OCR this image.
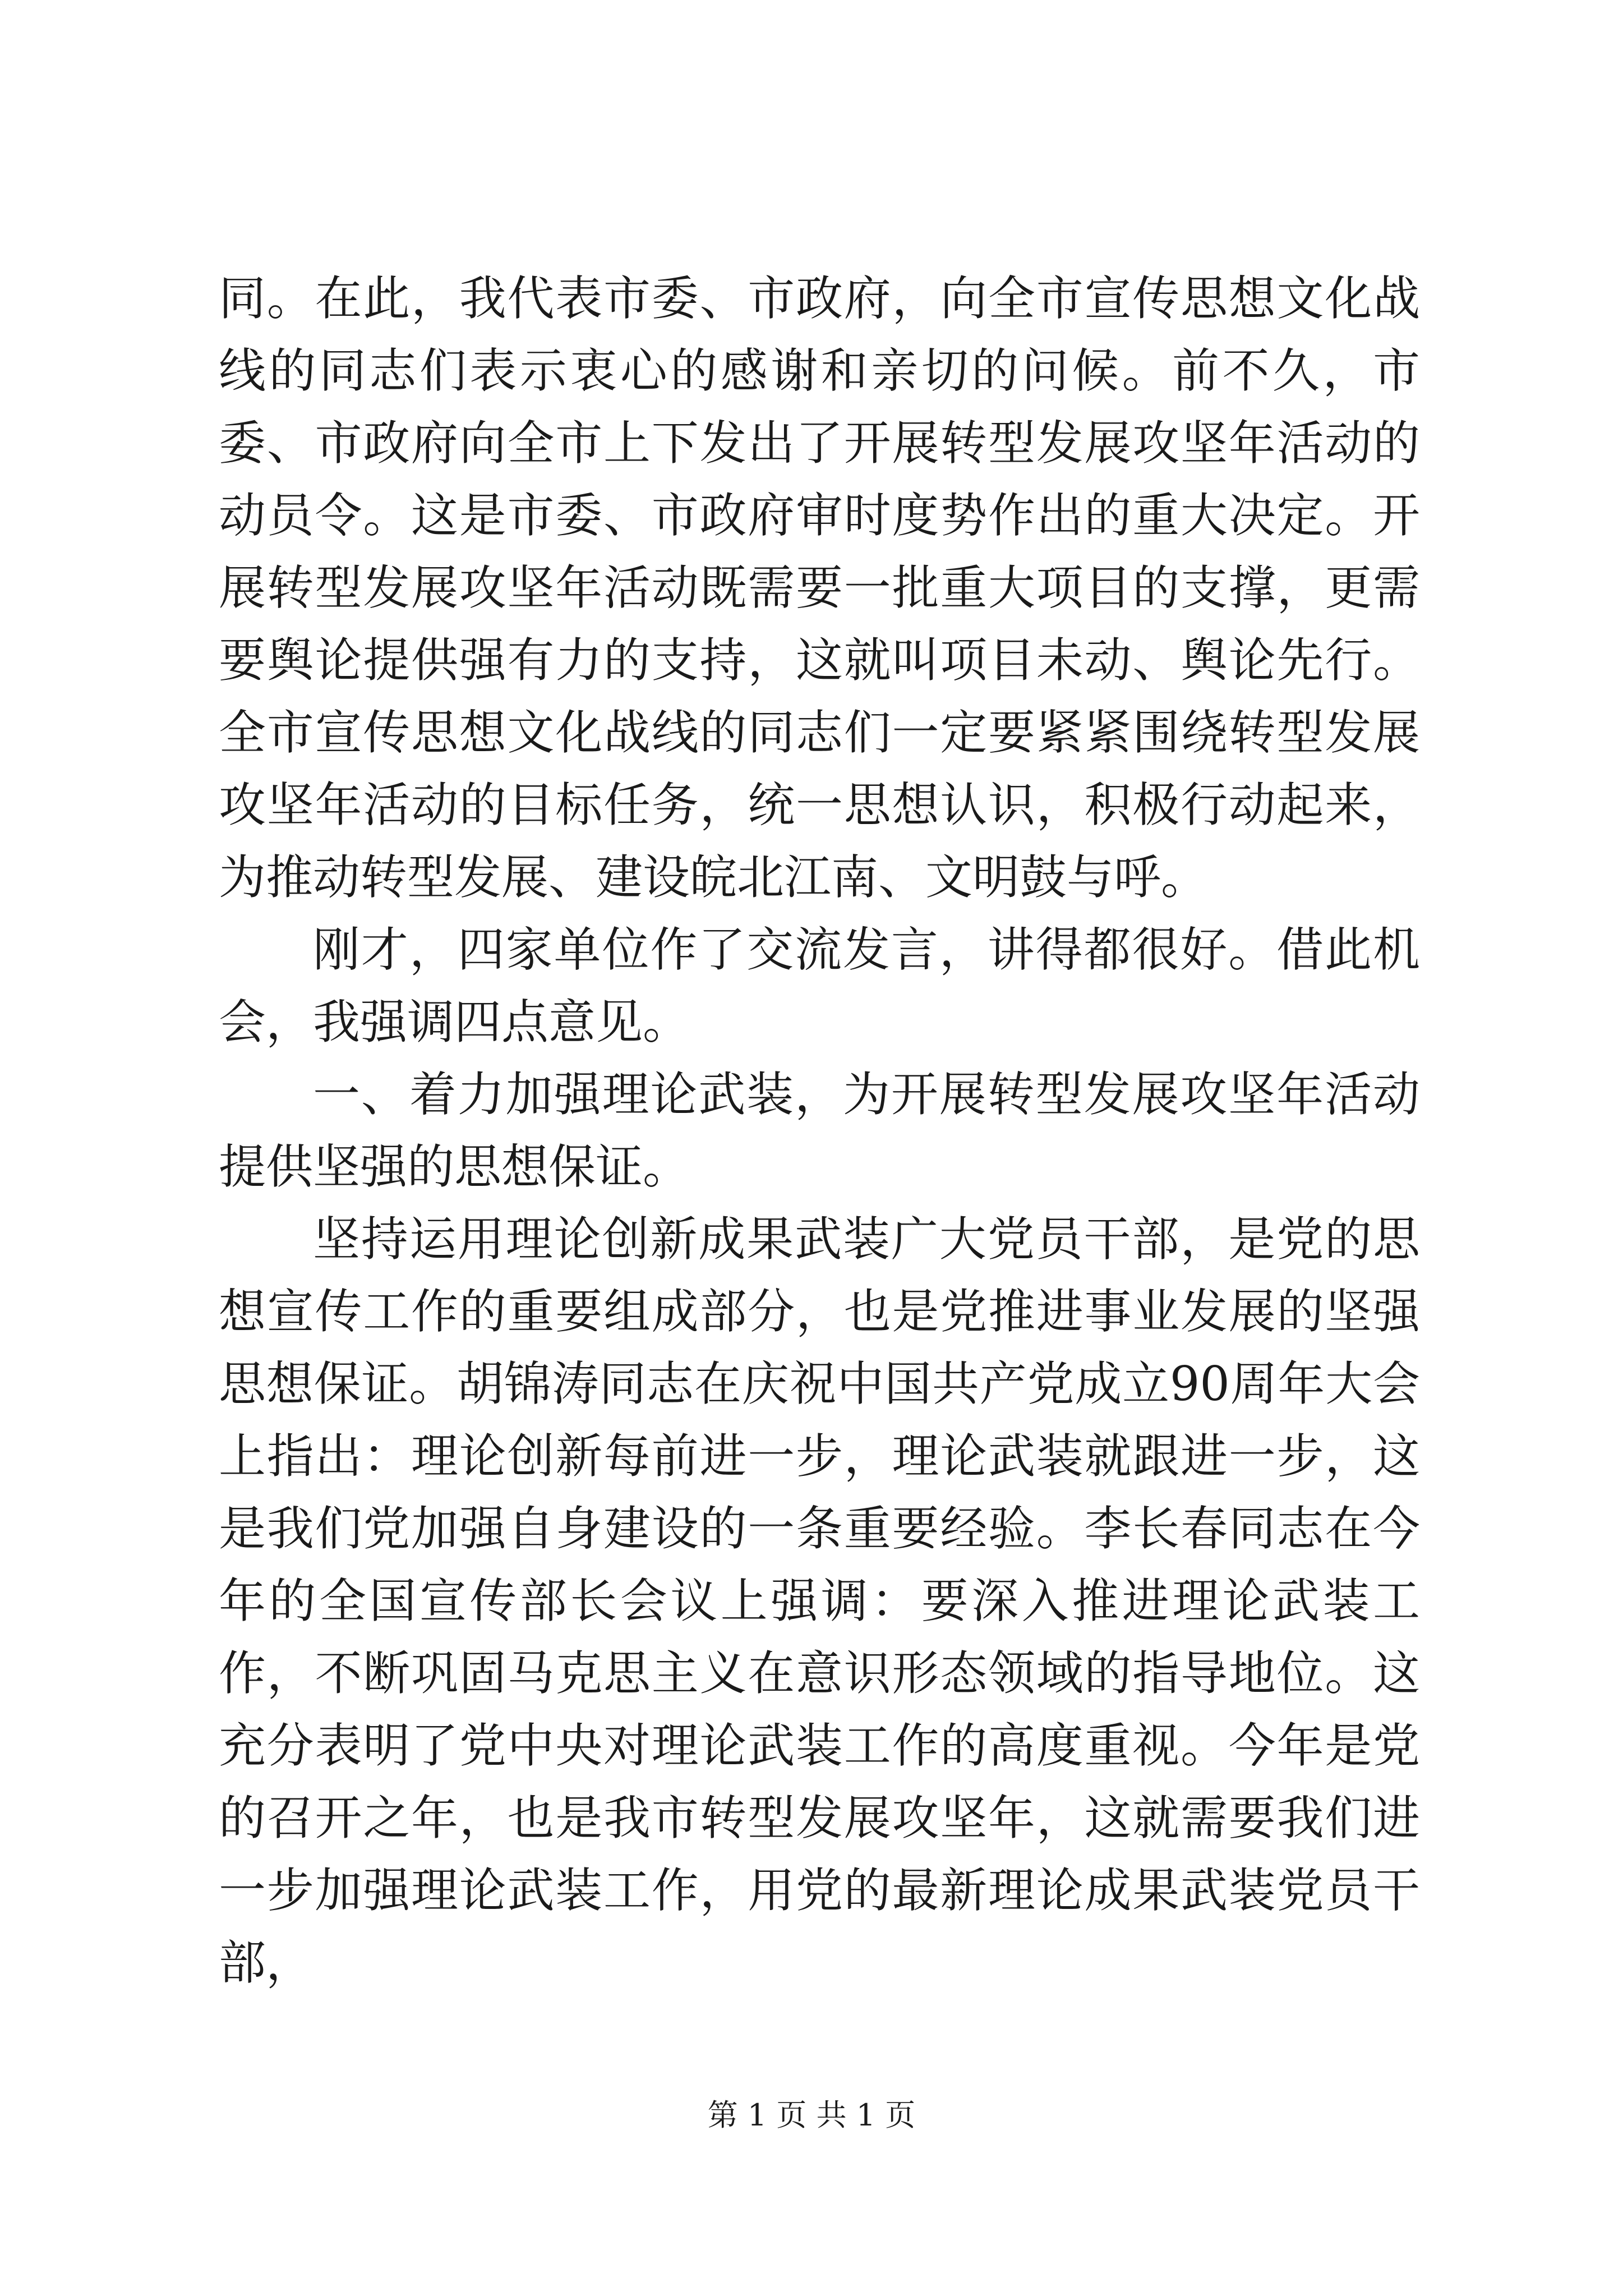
同。在此，我代表市委、市政府，向全市宣传思想文化战线的同志们表示衷心的感谢和亲切的问候。前不久，市委、市政府向全市上下发出了开展转型发展攻坚年活动的动员令。这是市委、市政府审时度势作出的重大决定。开展转型发展攻坚年活动既需要一批重大项目的支撑，更需要舆论提供强有力的支持，这就叫项目未动、舆论先行。全市宣传思想文化战线的同志们一定要紧紧围绕转型发展攻坚年活动的目标任务，统一思想认识，积极行动起来，为推动转型发展、建设皖北江南、文明鼓与呼。

刚才，四家单位作了交流发言，讲得都很好。借此机会，我强调四点意见。

一、着力加强理论武装，为开展转型发展攻坚年活动提供坚强的思想保证。

坚持运用理论创新成果武装广大党员干部，是党的思想宣传工作的重要组成部分，也是党推进事业发展的坚强思想保证。胡锦涛同志在庆祝中国共产党成立90周年大会上指出：理论创新每前进一步，理论武装就跟进一步，这是我们党加强自身建设的一条重要经验。李长春同志在今年的全国宣传部长会议上强调：要深入推进理论武装工作，不断巩固马克思主义在意识形态领域的指导地位。这充分表明了党中央对理论武装工作的高度重视。今年是党的召开之年，也是我市转型发展攻坚年，这就需要我们进一步加强理论武装工作，用党的最新理论成果武装党员干部，

第 1 页 共 1 页
